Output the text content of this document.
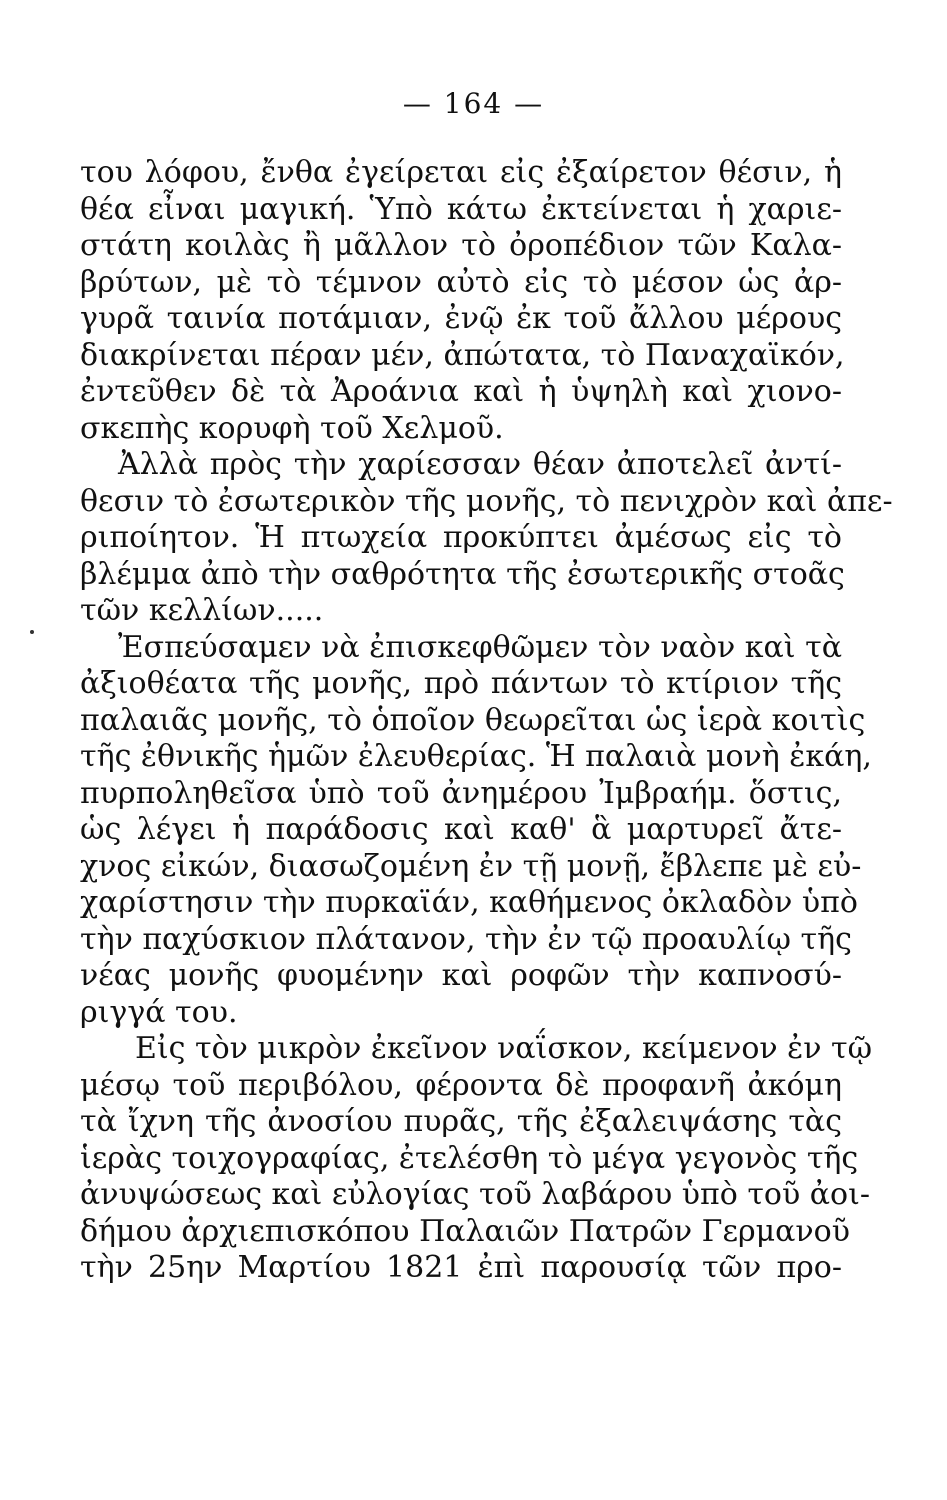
— 164 —
του λόφου, ἔνθα ἐγείρεται εἰς ἐξαίρετον θέσιν, ἡ
θέα εἶναι μαγική. Ὑπὸ κάτω ἐκτείνεται ἡ χαριε-
στάτη κοιλὰς ἢ μᾶλλον τὸ ὀροπέδιον τῶν Καλα-
βρύτων, μὲ τὸ τέμνον αὐτὸ εἰς τὸ μέσον ὡς ἀρ-
γυρᾶ ταινία ποτάμιαν, ἐνῷ ἐκ τοῦ ἄλλου μέρους
διακρίνεται πέραν μέν, ἀπώτατα, τὸ Παναχαϊκόν,
ἐντεῦθεν δὲ τὰ Ἀροάνια καὶ ἡ ὑψηλὴ καὶ χιονο-
σκεπὴς κορυφὴ τοῦ Χελμοῦ.
Ἀλλὰ πρὸς τὴν χαρίεσσαν θέαν ἀποτελεῖ ἀντί-
θεσιν τὸ ἐσωτερικὸν τῆς μονῆς, τὸ πενιχρὸν καὶ ἀπε-
ριποίητον. Ἡ πτωχεία προκύπτει ἀμέσως εἰς τὸ
βλέμμα ἀπὸ τὴν σαθρότητα τῆς ἐσωτερικῆς στοᾶς
τῶν κελλίων.....
Ἐσπεύσαμεν νὰ ἐπισκεφθῶμεν τὸν ναὸν καὶ τὰ
ἀξιοθέατα τῆς μονῆς, πρὸ πάντων τὸ κτίριον τῆς
παλαιᾶς μονῆς, τὸ ὁποῖον θεωρεῖται ὡς ἱερὰ κοιτὶς
τῆς ἐθνικῆς ἡμῶν ἐλευθερίας. Ἡ παλαιὰ μονὴ ἐκάη,
πυρποληθεῖσα ὑπὸ τοῦ ἀνημέρου Ἰμβραήμ. ὅστις,
ὡς λέγει ἡ παράδοσις καὶ καθ' ἃ μαρτυρεῖ ἄτε-
χνος εἰκών, διασωζομένη ἐν τῇ μονῇ, ἔβλεπε μὲ εὐ-
χαρίστησιν τὴν πυρκαϊάν, καθήμενος ὀκλαδὸν ὑπὸ
τὴν παχύσκιον πλάτανον, τὴν ἐν τῷ προαυλίῳ τῆς
νέας μονῆς φυομένην καὶ ροφῶν τὴν καπνοσύ-
ριγγά του.
Εἰς τὸν μικρὸν ἐκεῖνον ναΐσκον, κείμενον ἐν τῷ
μέσῳ τοῦ περιβόλου, φέροντα δὲ προφανῆ ἀκόμη
τὰ ἴχνη τῆς ἀνοσίου πυρᾶς, τῆς ἐξαλειψάσης τὰς
ἱερὰς τοιχογραφίας, ἐτελέσθη τὸ μέγα γεγονὸς τῆς
ἀνυψώσεως καὶ εὐλογίας τοῦ λαβάρου ὑπὸ τοῦ ἀοι-
δήμου ἀρχιεπισκόπου Παλαιῶν Πατρῶν Γερμανοῦ
τὴν 25ην Μαρτίου 1821 ἐπὶ παρουσίᾳ τῶν προ-
